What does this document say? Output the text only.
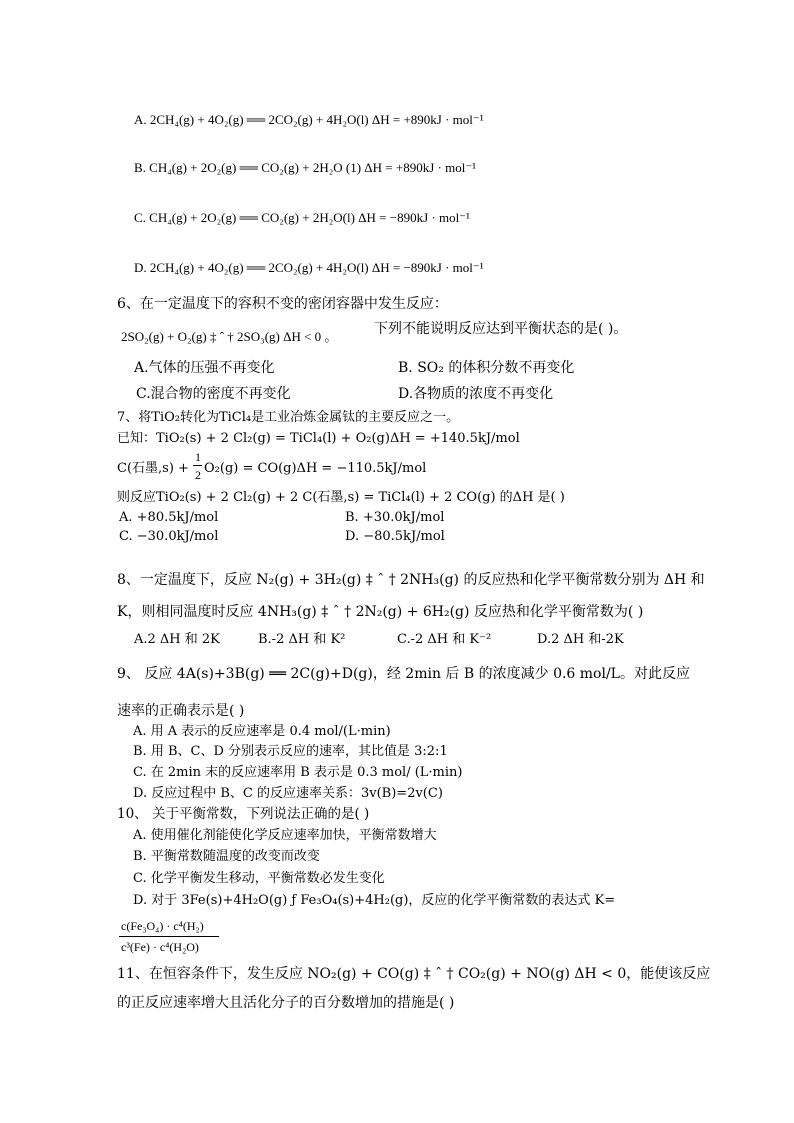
A. 2CH₄(g) + 4O₂(g) ══ 2CO₂(g) + 4H₂O(l) ΔH = +890kJ · mol⁻¹
B. CH₄(g) + 2O₂(g) ══ CO₂(g) + 2H₂O (1) ΔH = +890kJ · mol⁻¹
C. CH₄(g) + 2O₂(g) ══ CO₂(g) + 2H₂O(l) ΔH = −890kJ · mol⁻¹
D. 2CH₄(g) + 4O₂(g) ══ 2CO₂(g) + 4H₂O(l) ΔH = −890kJ · mol⁻¹
6、在一定温度下的容积不变的密闭容器中发生反应：
2SO₂(g) + O₂(g) ‡ ˆ † 2SO₃(g) ΔH < 0 。	下列不能说明反应达到平衡状态的是( )。
A.气体的压强不再变化	B. SO₂ 的体积分数不再变化
C.混合物的密度不再变化	D.各物质的浓度不再变化
7、将TiO₂转化为TiCl₄是工业冶炼金属钛的主要反应之一。
已知：TiO₂(s) + 2 Cl₂(g) = TiCl₄(l) + O₂(g)ΔH = +140.5kJ/mol
C(石墨,s) +
1
2 O₂(g) = CO(g)ΔH = −110.5kJ/mol
则反应TiO₂(s) + 2 Cl₂(g) + 2 C(石墨,s) = TiCl₄(l) + 2 CO(g) 的ΔH 是( )
A. +80.5kJ/mol	B. +30.0kJ/mol
C. −30.0kJ/mol	D. −80.5kJ/mol
8、一定温度下，反应 N₂(g) + 3H₂(g) ‡ ˆ † 2NH₃(g) 的反应热和化学平衡常数分别为 ΔH 和
K，则相同温度时反应 4NH₃(g) ‡ ˆ † 2N₂(g) + 6H₂(g) 反应热和化学平衡常数为( )
A.2 ΔH 和 2K	B.-2 ΔH 和 K²	C.-2 ΔH 和 K⁻²	D.2 ΔH 和-2K
9、 反应 4A(s)+3B(g) ══ 2C(g)+D(g)，经 2min 后 B 的浓度减少 0.6 mol/L。对此反应
速率的正确表示是( )
A. 用 A 表示的反应速率是 0.4 mol/(L·min)
B. 用 B、C、D 分别表示反应的速率，其比值是 3:2:1
C. 在 2min 末的反应速率用 B 表示是 0.3 mol/ (L·min)
D. 反应过程中 B、C 的反应速率关系：3v(B)=2v(C)
10、 关于平衡常数，下列说法正确的是( )
A. 使用催化剂能使化学反应速率加快，平衡常数增大
B. 平衡常数随温度的改变而改变
C. 化学平衡发生移动，平衡常数必发生变化
D. 对于 3Fe(s)+4H₂O(g) ƒ Fe₃O₄(s)+4H₂(g)，反应的化学平衡常数的表达式 K=
c(Fe₃O₄) · c⁴(H₂)
c³(Fe) · c⁴(H₂O)
11、在恒容条件下，发生反应 NO₂(g) + CO(g) ‡ ˆ † CO₂(g) + NO(g) ΔH < 0，能使该反应
的正反应速率增大且活化分子的百分数增加的措施是( )
